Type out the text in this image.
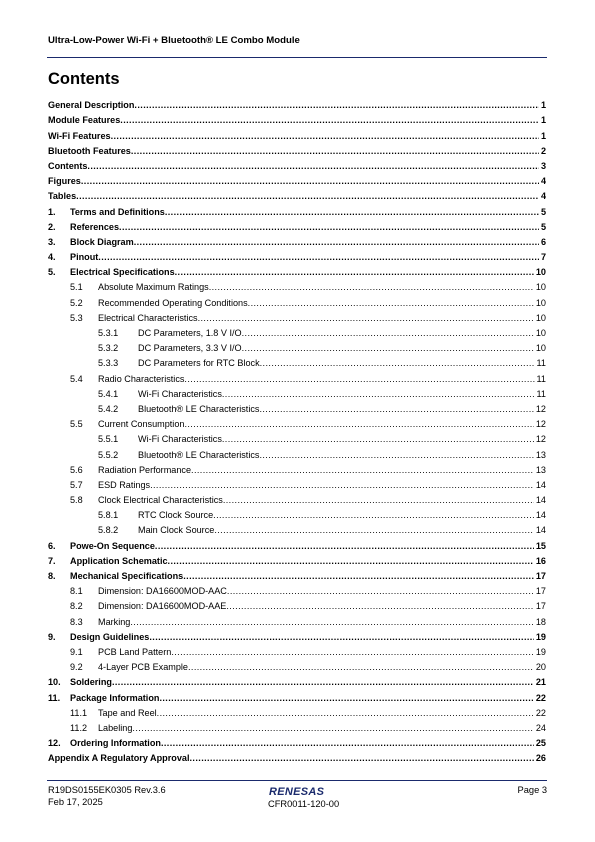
Ultra-Low-Power Wi-Fi + Bluetooth® LE Combo Module
Contents
General Description .....	1
Module Features .....	1
Wi-Fi Features .....	1
Bluetooth Features .....	2
Contents .....	3
Figures .....	4
Tables .....	4
1.	Terms and Definitions .....	5
2.	References .....	5
3.	Block Diagram .....	6
4.	Pinout .....	7
5.	Electrical Specifications .....	10
5.1	Absolute Maximum Ratings .....	10
5.2	Recommended Operating Conditions .....	10
5.3	Electrical Characteristics .....	10
5.3.1	DC Parameters, 1.8 V I/O .....	10
5.3.2	DC Parameters, 3.3 V I/O .....	10
5.3.3	DC Parameters for RTC Block .....	11
5.4	Radio Characteristics .....	11
5.4.1	Wi-Fi Characteristics .....	11
5.4.2	Bluetooth® LE Characteristics .....	12
5.5	Current Consumption .....	12
5.5.1	Wi-Fi Characteristics .....	12
5.5.2	Bluetooth® LE Characteristics .....	13
5.6	Radiation Performance .....	13
5.7	ESD Ratings .....	14
5.8	Clock Electrical Characteristics .....	14
5.8.1	RTC Clock Source .....	14
5.8.2	Main Clock Source .....	14
6.	Powe-On Sequence .....	15
7.	Application Schematic .....	16
8.	Mechanical Specifications .....	17
8.1	Dimension: DA16600MOD-AAC .....	17
8.2	Dimension: DA16600MOD-AAE .....	17
8.3	Marking .....	18
9.	Design Guidelines .....	19
9.1	PCB Land Pattern .....	19
9.2	4-Layer PCB Example .....	20
10.	Soldering .....	21
11.	Package Information .....	22
11.1	Tape and Reel .....	22
11.2	Labeling .....	24
12.	Ordering Information .....	25
Appendix A Regulatory Approval .....	26
R19DS0155EK0305 Rev.3.6
Feb 17, 2025
RENESAS
CFR0011-120-00
Page 3
